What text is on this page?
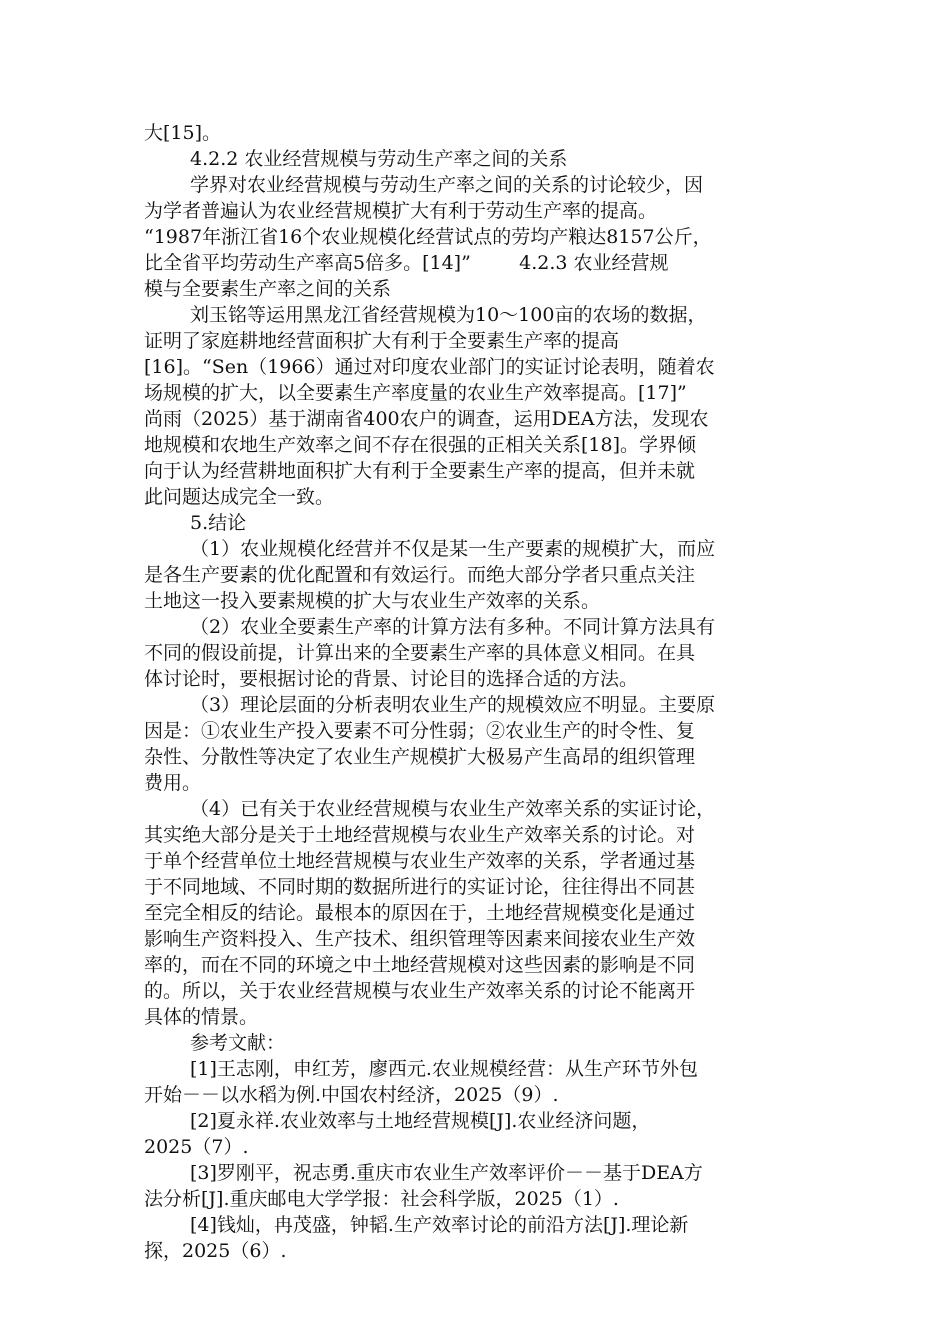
大[15]。
4.2.2 农业经营规模与劳动生产率之间的关系
学界对农业经营规模与劳动生产率之间的关系的讨论较少，因
为学者普遍认为农业经营规模扩大有利于劳动生产率的提高。
“1987年浙江省16个农业规模化经营试点的劳均产粮达8157公斤，
比全省平均劳动生产率高5倍多。[14]”        4.2.3 农业经营规
模与全要素生产率之间的关系
刘玉铭等运用黑龙江省经营规模为10～100亩的农场的数据，
证明了家庭耕地经营面积扩大有利于全要素生产率的提高
[16]。“Sen（1966）通过对印度农业部门的实证讨论表明，随着农
场规模的扩大，以全要素生产率度量的农业生产效率提高。[17]”
尚雨（2025）基于湖南省400农户的调查，运用DEA方法，发现农
地规模和农地生产效率之间不存在很强的正相关关系[18]。学界倾
向于认为经营耕地面积扩大有利于全要素生产率的提高，但并未就
此问题达成完全一致。
5.结论
（1）农业规模化经营并不仅是某一生产要素的规模扩大，而应
是各生产要素的优化配置和有效运行。而绝大部分学者只重点关注
土地这一投入要素规模的扩大与农业生产效率的关系。
（2）农业全要素生产率的计算方法有多种。不同计算方法具有
不同的假设前提，计算出来的全要素生产率的具体意义相同。在具
体讨论时，要根据讨论的背景、讨论目的选择合适的方法。
（3）理论层面的分析表明农业生产的规模效应不明显。主要原
因是：①农业生产投入要素不可分性弱；②农业生产的时令性、复
杂性、分散性等决定了农业生产规模扩大极易产生高昂的组织管理
费用。
（4）已有关于农业经营规模与农业生产效率关系的实证讨论，
其实绝大部分是关于土地经营规模与农业生产效率关系的讨论。对
于单个经营单位土地经营规模与农业生产效率的关系，学者通过基
于不同地域、不同时期的数据所进行的实证讨论，往往得出不同甚
至完全相反的结论。最根本的原因在于，土地经营规模变化是通过
影响生产资料投入、生产技术、组织管理等因素来间接农业生产效
率的，而在不同的环境之中土地经营规模对这些因素的影响是不同
的。所以，关于农业经营规模与农业生产效率关系的讨论不能离开
具体的情景。
参考文献：
[1]王志刚，申红芳，廖西元.农业规模经营：从生产环节外包
开始－－以水稻为例.中国农村经济，2025（9）.
[2]夏永祥.农业效率与土地经营规模[J].农业经济问题，
2025（7）.
[3]罗刚平，祝志勇.重庆市农业生产效率评价－－基于DEA方
法分析[J].重庆邮电大学学报：社会科学版，2025（1）.
[4]钱灿，冉茂盛，钟韬.生产效率讨论的前沿方法[J].理论新
探，2025（6）.
